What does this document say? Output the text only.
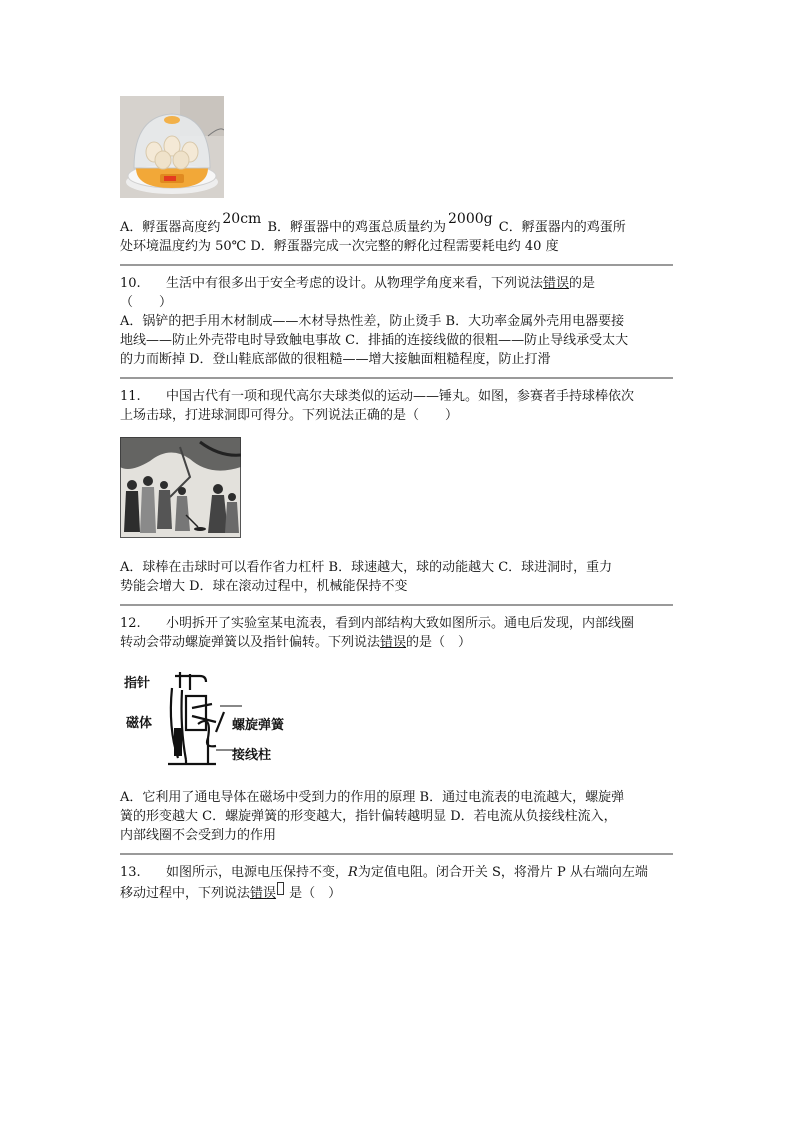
A．孵蛋器高度约20cm B．孵蛋器中的鸡蛋总质量约为2000g C．孵蛋器内的鸡蛋所
处环境温度约为 50℃ D．孵蛋器完成一次完整的孵化过程需要耗电约 40 度
10.	生活中有很多出于安全考虑的设计。从物理学角度来看，下列说法错误的是
（　　）
A．锅铲的把手用木材制成——木材导热性差，防止烫手 B．大功率金属外壳用电器要接
地线——防止外壳带电时导致触电事故 C．排插的连接线做的很粗——防止导线承受太大
的力而断掉 D．登山鞋底部做的很粗糙——增大接触面粗糙程度，防止打滑
11.	中国古代有一项和现代高尔夫球类似的运动——锤丸。如图，参赛者手持球棒依次
上场击球，打进球洞即可得分。下列说法正确的是（　　）
A．球棒在击球时可以看作省力杠杆 B．球速越大，球的动能越大 C．球进洞时，重力
势能会增大 D．球在滚动过程中，机械能保持不变
12.	小明拆开了实验室某电流表，看到内部结构大致如图所示。通电后发现，内部线圈
转动会带动螺旋弹簧以及指针偏转。下列说法错误的是（　）
指针
磁体	螺旋弹簧
接线柱
A．它利用了通电导体在磁场中受到力的作用的原理 B．通过电流表的电流越大，螺旋弹
簧的形变越大 C．螺旋弹簧的形变越大，指针偏转越明显 D．若电流从负接线柱流入，
内部线圈不会受到力的作用
13.	如图所示，电源电压保持不变，R为定值电阻。闭合开关 S，将滑片 P 从右端向左端
移动过程中，下列说法错误 是（　）
